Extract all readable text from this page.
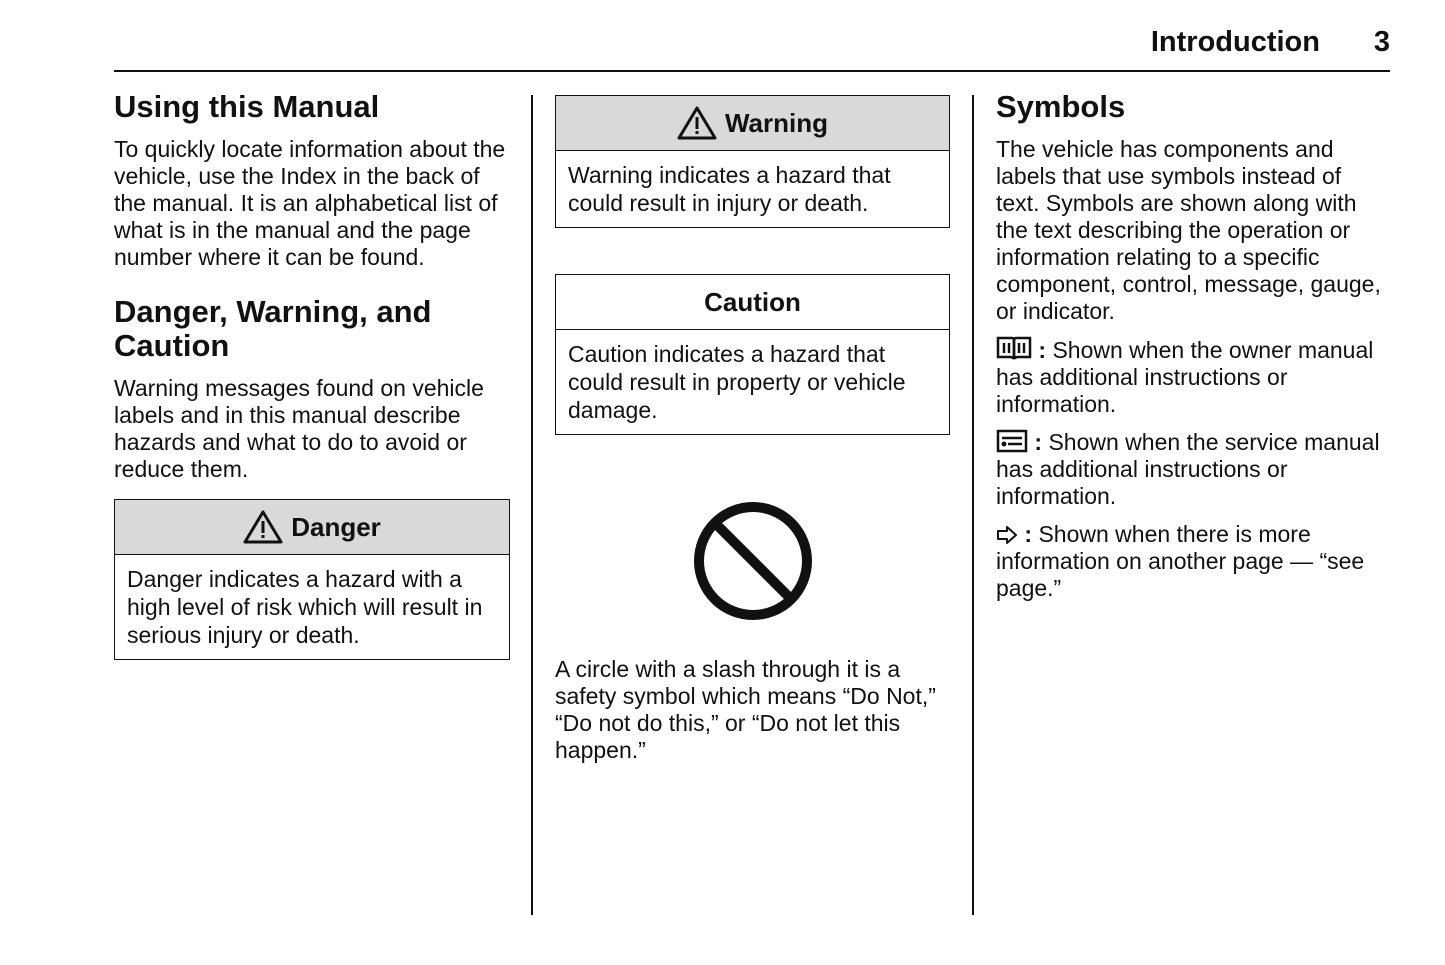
Introduction 3
Using this Manual

To quickly locate information about the vehicle, use the Index in the back of the manual. It is an alphabetical list of what is in the manual and the page number where it can be found.

Danger, Warning, and Caution

Warning messages found on vehicle labels and in this manual describe hazards and what to do to avoid or reduce them.

Danger
Danger indicates a hazard with a high level of risk which will result in serious injury or death.
Warning
Warning indicates a hazard that could result in injury or death.
Caution
Caution indicates a hazard that could result in property or vehicle damage.

A circle with a slash through it is a safety symbol which means “Do Not,” “Do not do this,” or “Do not let this happen.”

Symbols

The vehicle has components and labels that use symbols instead of text. Symbols are shown along with the text describing the operation or information relating to a specific component, control, message, gauge, or indicator.

: Shown when the owner manual has additional instructions or information.
: Shown when the service manual has additional instructions or information.
: Shown when there is more information on another page — “see page.”
